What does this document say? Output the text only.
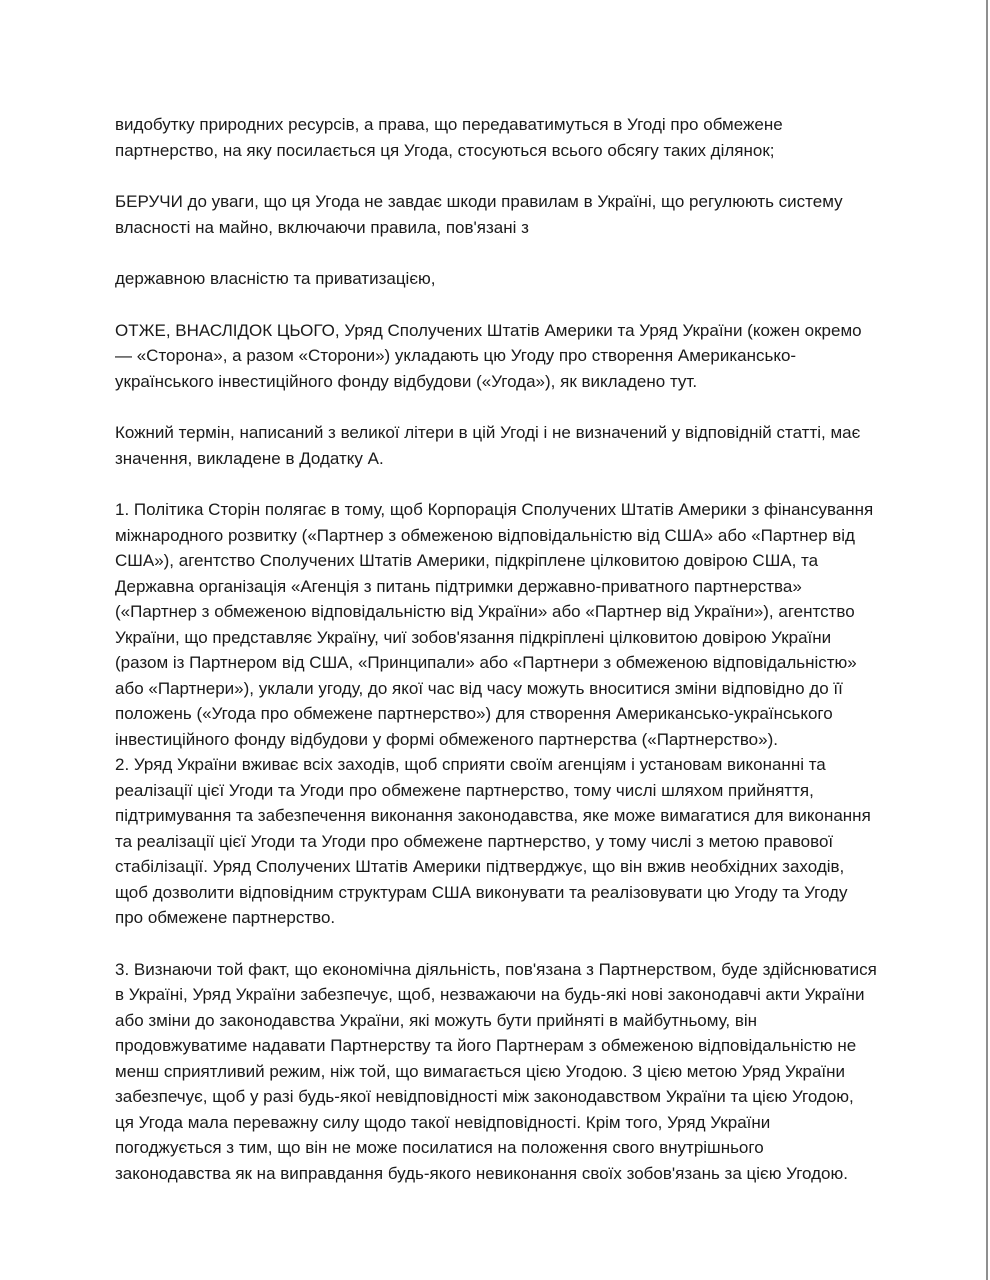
видобутку природних ресурсів, а права, що передаватимуться в Угоді про обмежене партнерство, на яку посилається ця Угода, стосуються всього обсягу таких ділянок;

БЕРУЧИ до уваги, що ця Угода не завдає шкоди правилам в Україні, що регулюють систему власності на майно, включаючи правила, пов'язані з

державною власністю та приватизацією,

ОТЖЕ, ВНАСЛІДОК ЦЬОГО, Уряд Сполучених Штатів Америки та Уряд України (кожен окремо — «Сторона», а разом «Сторони») укладають цю Угоду про створення Американсько-українського інвестиційного фонду відбудови («Угода»), як викладено тут.

Кожний термін, написаний з великої літери в цій Угоді і не визначений у відповідній статті, має значення, викладене в Додатку А.

1. Політика Сторін полягає в тому, щоб Корпорація Сполучених Штатів Америки з фінансування міжнародного розвитку («Партнер з обмеженою відповідальністю від США» або «Партнер від США»), агентство Сполучених Штатів Америки, підкріплене цілковитою довірою США, та Державна організація «Агенція з питань підтримки державно-приватного партнерства» («Партнер з обмеженою відповідальністю від України» або «Партнер від України»), агентство України, що представляє Україну, чиї зобов'язання підкріплені цілковитою довірою України (разом із Партнером від США, «Принципали» або «Партнери з обмеженою відповідальністю» або «Партнери»), уклали угоду, до якої час від часу можуть вноситися зміни відповідно до її положень («Угода про обмежене партнерство») для створення Американсько-українського інвестиційного фонду відбудови у формі обмеженого партнерства («Партнерство»).

2. Уряд України вживає всіх заходів, щоб сприяти своїм агенціям і установам виконанні та реалізації цієї Угоди та Угоди про обмежене партнерство, тому числі шляхом прийняття, підтримування та забезпечення виконання законодавства, яке може вимагатися для виконання та реалізації цієї Угоди та Угоди про обмежене партнерство, у тому числі з метою правової стабілізації. Уряд Сполучених Штатів Америки підтверджує, що він вжив необхідних заходів, щоб дозволити відповідним структурам США виконувати та реалізовувати цю Угоду та Угоду про обмежене партнерство.

3. Визнаючи той факт, що економічна діяльність, пов'язана з Партнерством, буде здійснюватися в Україні, Уряд України забезпечує, щоб, незважаючи на будь-які нові законодавчі акти України або зміни до законодавства України, які можуть бути прийняті в майбутньому, він продовжуватиме надавати Партнерству та його Партнерам з обмеженою відповідальністю не менш сприятливий режим, ніж той, що вимагається цією Угодою. З цією метою Уряд України забезпечує, щоб у разі будь-якої невідповідності між законодавством України та цією Угодою, ця Угода мала переважну силу щодо такої невідповідності. Крім того, Уряд України погоджується з тим, що він не може посилатися на положення свого внутрішнього законодавства як на виправдання будь-якого невиконання своїх зобов'язань за цією Угодою.
